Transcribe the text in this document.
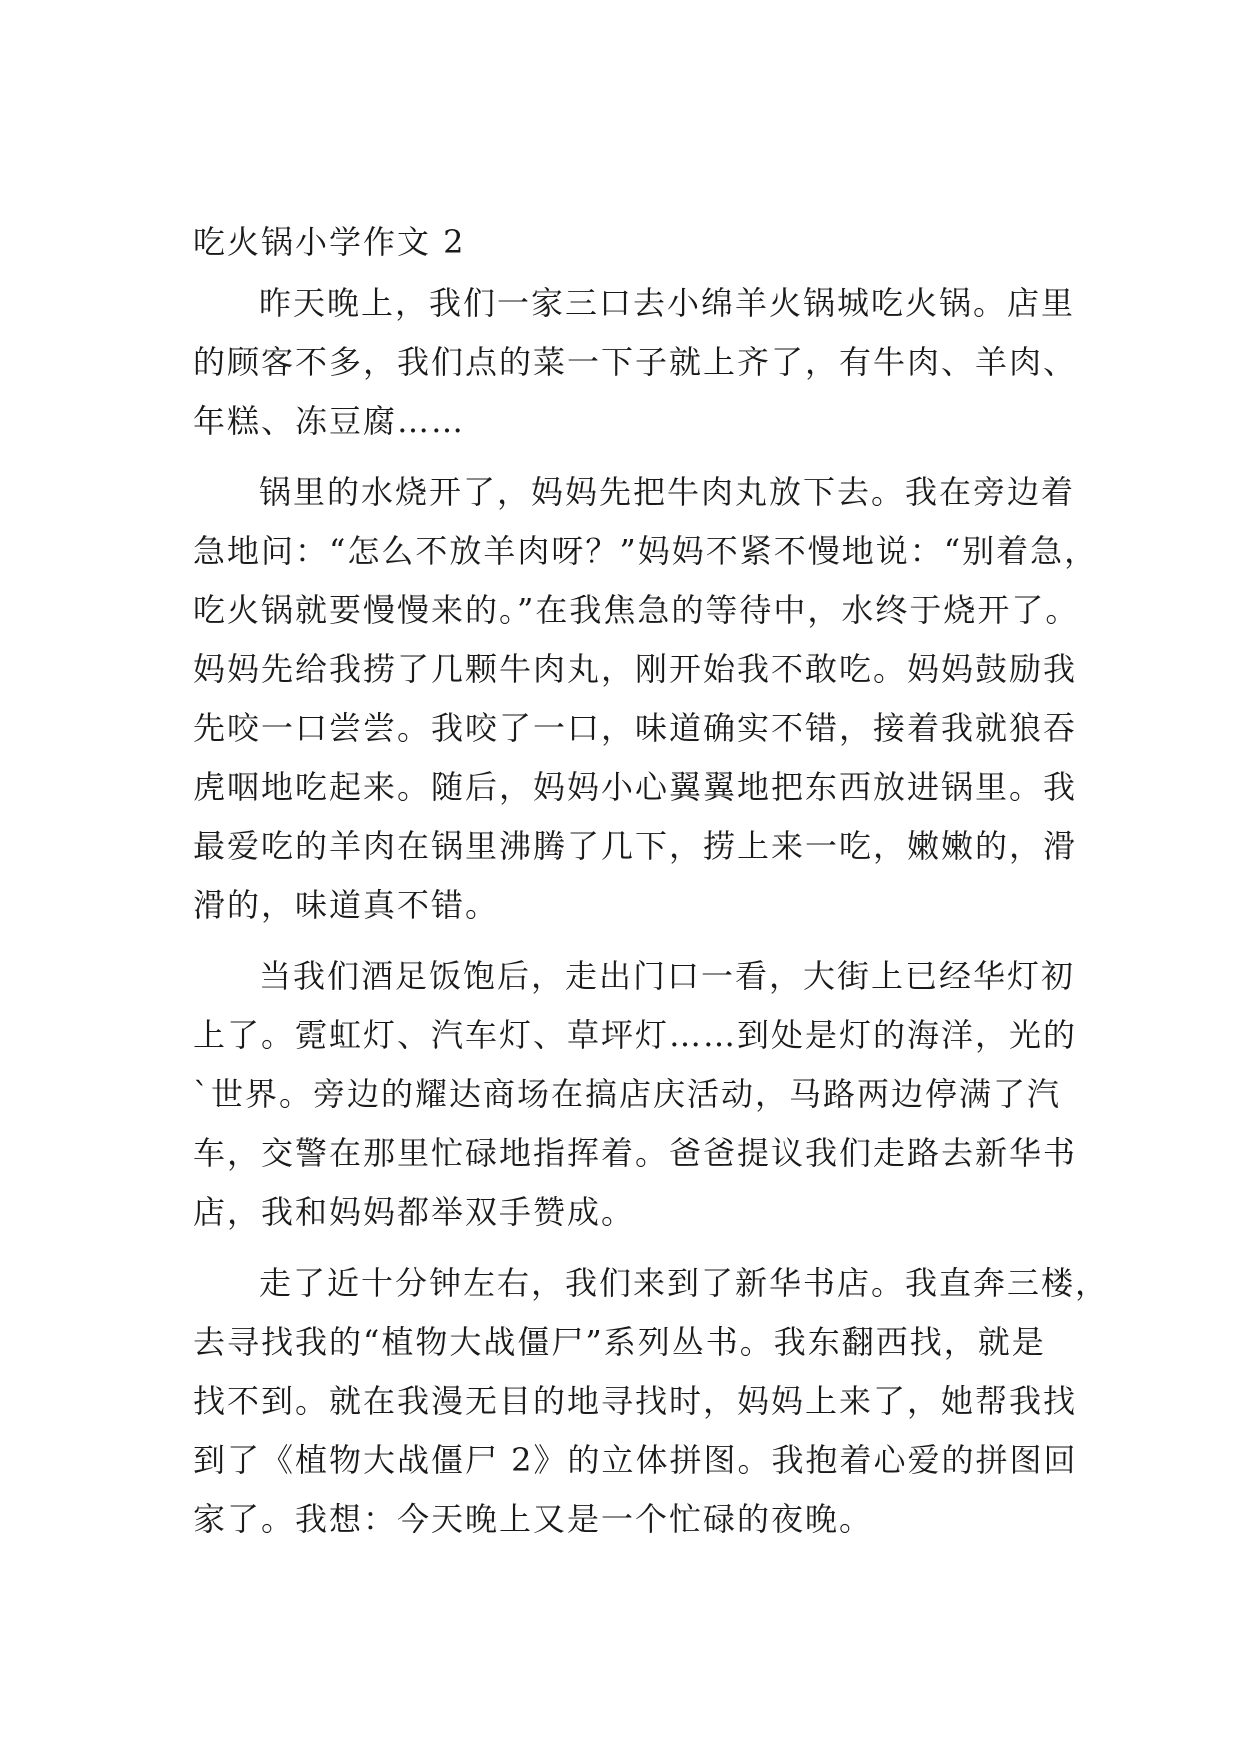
吃火锅小学作文 2

昨天晚上，我们一家三口去小绵羊火锅城吃火锅。店里

的顾客不多，我们点的菜一下子就上齐了，有牛肉、羊肉、

年糕、冻豆腐……

锅里的水烧开了，妈妈先把牛肉丸放下去。我在旁边着

急地问：“怎么不放羊肉呀？”妈妈不紧不慢地说：“别着急，

吃火锅就要慢慢来的。”在我焦急的等待中，水终于烧开了。

妈妈先给我捞了几颗牛肉丸，刚开始我不敢吃。妈妈鼓励我

先咬一口尝尝。我咬了一口，味道确实不错，接着我就狼吞

虎咽地吃起来。随后，妈妈小心翼翼地把东西放进锅里。我

最爱吃的羊肉在锅里沸腾了几下，捞上来一吃，嫩嫩的，滑

滑的，味道真不错。

当我们酒足饭饱后，走出门口一看，大街上已经华灯初

上了。霓虹灯、汽车灯、草坪灯……到处是灯的海洋，光的

`世界。旁边的耀达商场在搞店庆活动，马路两边停满了汽

车，交警在那里忙碌地指挥着。爸爸提议我们走路去新华书

店，我和妈妈都举双手赞成。

走了近十分钟左右，我们来到了新华书店。我直奔三楼，

去寻找我的“植物大战僵尸”系列丛书。我东翻西找，就是

找不到。就在我漫无目的地寻找时，妈妈上来了，她帮我找

到了《植物大战僵尸 2》的立体拼图。我抱着心爱的拼图回

家了。我想：今天晚上又是一个忙碌的夜晚。
